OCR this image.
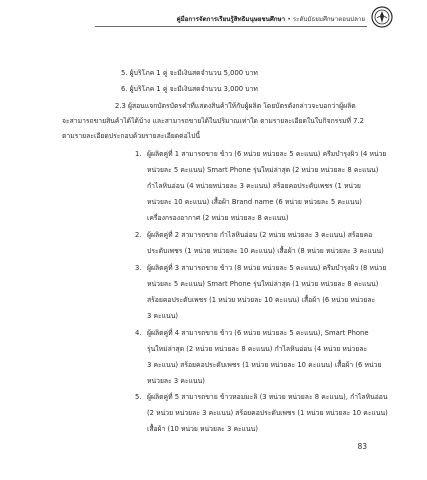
คู่มือการจัดการเรียนรู้สิทธิมนุษยชนศึกษา • ระดับมัธยมศึกษาตอนปลาย
5. ผู้บริโภค 1 คู่ จะมีเงินสดจำนวน 5,000 บาท
6. ผู้บริโภค 1 คู่ จะมีเงินสดจำนวน 3,000 บาท
2.3 ผู้สอนแจกบัตรบัตรคำที่แสดงสินค้าให้กับผู้ผลิต โดยบัตรดังกล่าวจะบอกว่าผู้ผลิต
จะสามารถขายสินค้าได้ได้บ้าง และสามารถขายได้ในปริมาณเท่าใด ตามรายละเอียดในใบกิจกรรมที่ 7.2
ตามรายละเอียดประกอบด้วยรายละเอียดต่อไปนี้
1. ผู้ผลิตคู่ที่ 1 สามารถขาย ข้าว (6 หน่วย หน่วยละ 5 คะแนน) ครีมบำรุงผิว (4 หน่วย
หน่วยละ 5 คะแนน) Smart Phone รุ่นใหม่ล่าสุด (2 หน่วย หน่วยละ 8 คะแนน)
กำไลหินอ่อน (4 หน่วยหน่วยละ 3 คะแนน) สร้อยคอประดับเพชร (1 หน่วย
หน่วยละ 10 คะแนน) เสื้อผ้า Brand name (6 หน่วย หน่วยละ 5 คะแนน)
เครื่องกรองอากาศ (2 หน่วย หน่วยละ 8 คะแนน)
2. ผู้ผลิตคู่ที่ 2 สามารถขาย กำไลหินอ่อน (2 หน่วย หน่วยละ 3 คะแนน) สร้อยคอ
ประดับเพชร (1 หน่วย หน่วยละ 10 คะแนน) เสื้อผ้า (8 หน่วย หน่วยละ 3 คะแนน)
3. ผู้ผลิตคู่ที่ 3 สามารถขาย ข้าว (8 หน่วย หน่วยละ 5 คะแนน) ครีมบำรุงผิว (8 หน่วย
หน่วยละ 5 คะแนน) Smart Phone รุ่นใหม่ล่าสุด (1 หน่วย หน่วยละ 8 คะแนน)
สร้อยคอประดับเพชร (1 หน่วย หน่วยละ 10 คะแนน) เสื้อผ้า (6 หน่วย หน่วยละ
3 คะแนน)
4. ผู้ผลิตคู่ที่ 4 สามารถขาย ข้าว (6 หน่วย หน่วยละ 5 คะแนน), Smart Phone
รุ่นใหม่ล่าสุด (2 หน่วย หน่วยละ 8 คะแนน) กำไลหินอ่อน (4 หน่วย หน่วยละ
3 คะแนน) สร้อยคอประดับเพชร (1 หน่วย หน่วยละ 10 คะแนน) เสื้อผ้า (6 หน่วย
หน่วยละ 3 คะแนน)
5. ผู้ผลิตคู่ที่ 5 สามารถขาย ข้าวหอมมะลิ (3 หน่วย หน่วยละ 8 คะแนน), กำไลหินอ่อน
(2 หน่วย หน่วยละ 3 คะแนน) สร้อยคอประดับเพชร (1 หน่วย หน่วยละ 10 คะแนน)
เสื้อผ้า (10 หน่วย หน่วยละ 3 คะแนน)
83
